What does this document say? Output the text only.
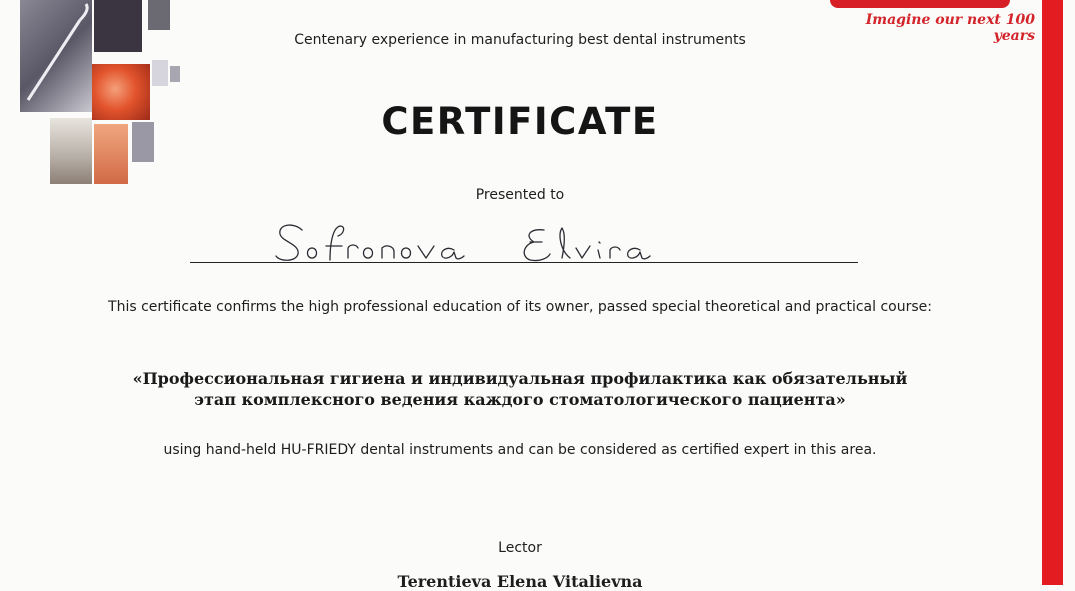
Imagine our next 100 years
Centenary experience in manufacturing best dental instruments
CERTIFICATE
Presented to
This certificate confirms the high professional education of its owner, passed special theoretical and practical course:
«Профессиональная гигиена и индивидуальная профилактика как обязательный
этап комплексного ведения каждого стоматологического пациента»
using hand-held HU-FRIEDY dental instruments and can be considered as certified expert in this area.
Lector
Terentieva Elena Vitalievna
